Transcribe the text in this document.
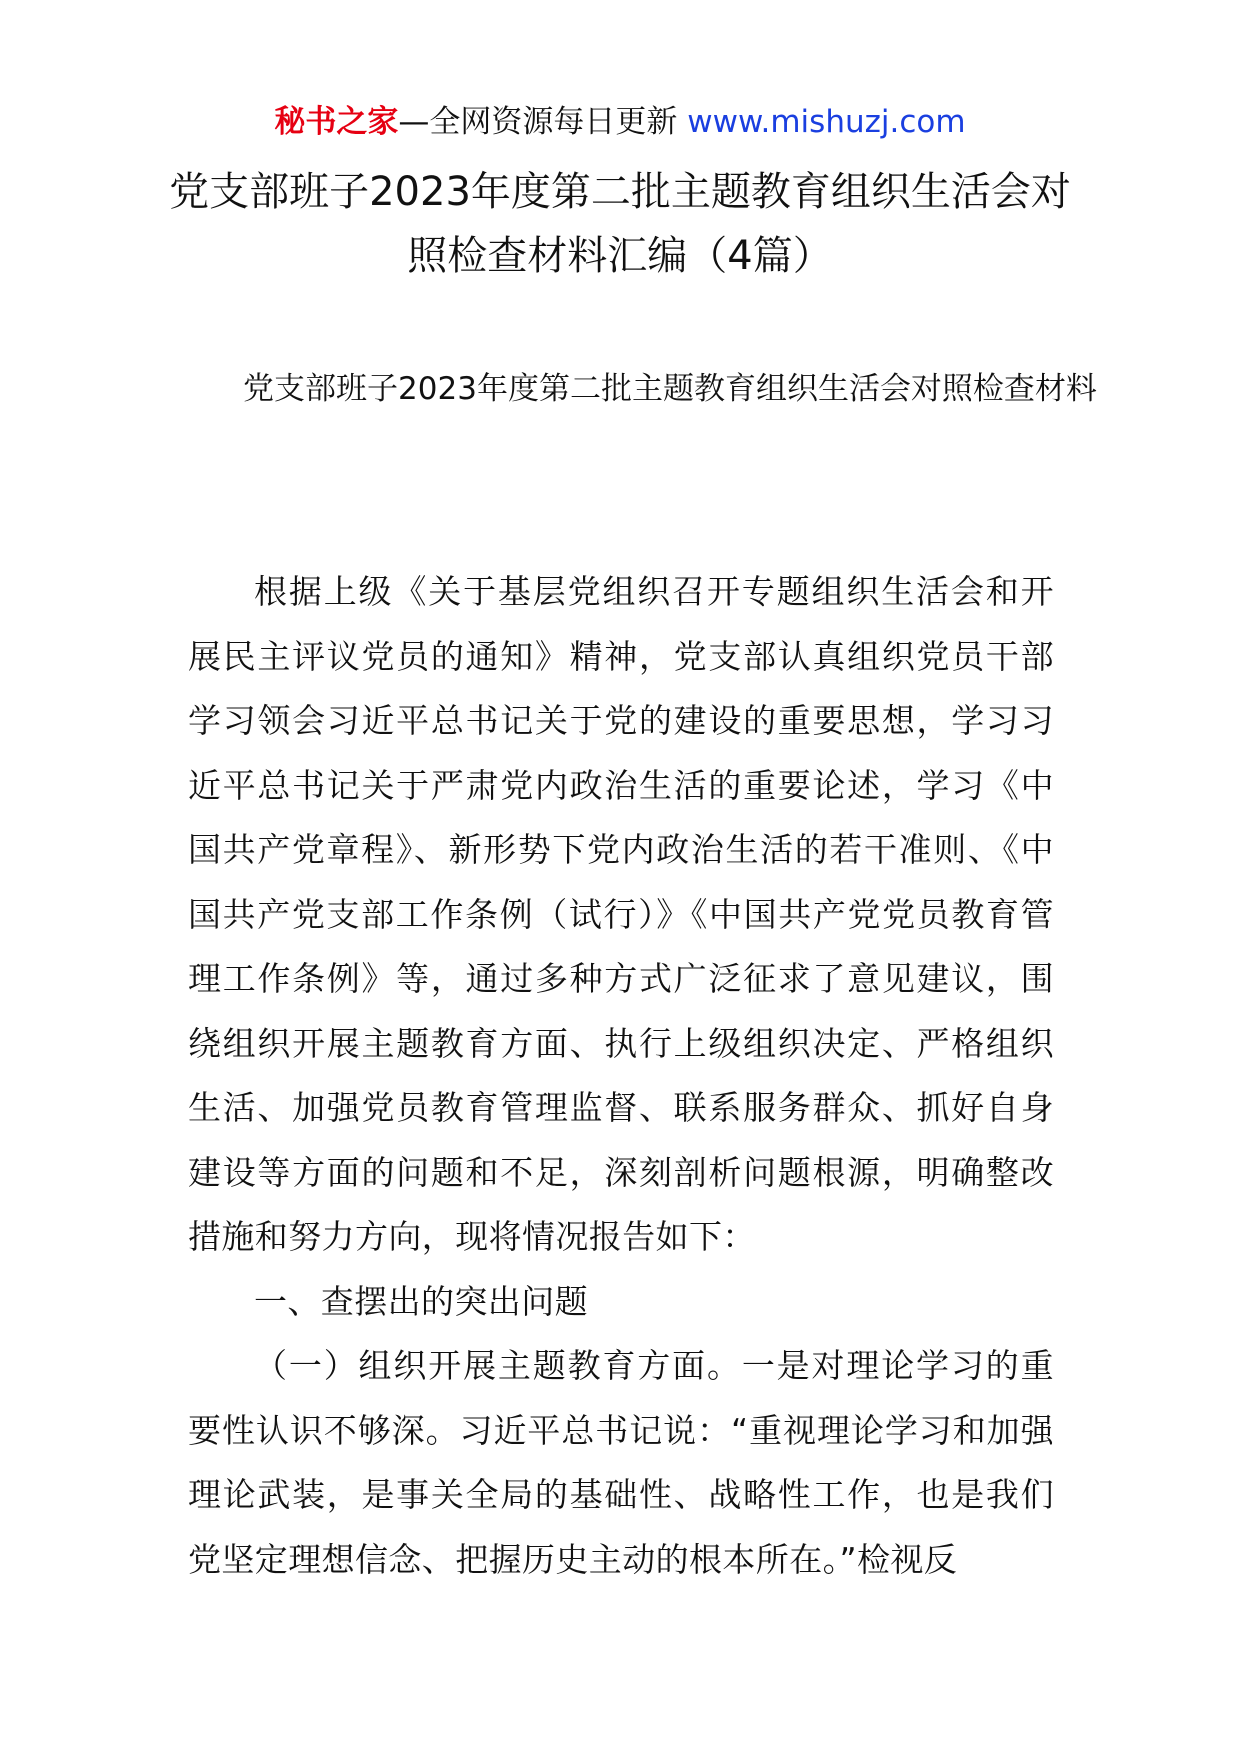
秘书之家—全网资源每日更新 www.mishuzj.com
党支部班子2023年度第二批主题教育组织生活会对照检查材料汇编（4篇）
党支部班子2023年度第二批主题教育组织生活会对照检查材料

根据上级《关于基层党组织召开专题组织生活会和开展民主评议党员的通知》精神，党支部认真组织党员干部学习领会习近平总书记关于党的建设的重要思想，学习习近平总书记关于严肃党内政治生活的重要论述，学习《中国共产党章程》、新形势下党内政治生活的若干准则、《中国共产党支部工作条例（试行）》《中国共产党党员教育管理工作条例》等，通过多种方式广泛征求了意见建议，围绕组织开展主题教育方面、执行上级组织决定、严格组织生活、加强党员教育管理监督、联系服务群众、抓好自身建设等方面的问题和不足，深刻剖析问题根源，明确整改措施和努力方向，现将情况报告如下：

一、查摆出的突出问题

（一）组织开展主题教育方面。一是对理论学习的重要性认识不够深。习近平总书记说：“重视理论学习和加强理论武装，是事关全局的基础性、战略性工作，也是我们党坚定理想信念、把握历史主动的根本所在。”检视反
